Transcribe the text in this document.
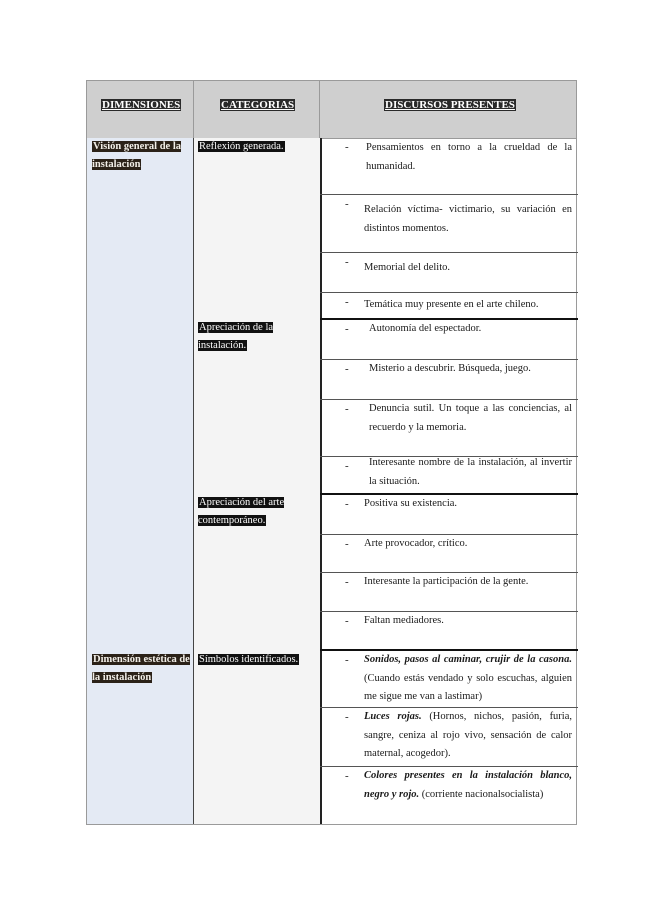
DIMENSIONES	CATEGORIAS	DISCURSOS PRESENTES
Visión general de la instalación
Dimensión estética de la instalación
Reflexión generada.
Apreciación de la instalación.
Apreciación del arte contemporáneo.
Símbolos identificados.
- Pensamientos en torno a la crueldad de la humanidad.
- Relación víctima- victimario, su variación en distintos momentos.
- Memorial del delito.
- Temática muy presente en el arte chileno.
- Autonomía del espectador.
- Misterio a descubrir. Búsqueda, juego.
- Denuncia sutil. Un toque a las conciencias, al recuerdo y la memoria.
- Interesante nombre de la instalación, al invertir la situación.
- Positiva su existencia.
- Arte provocador, crítico.
- Interesante la participación de la gente.
- Faltan mediadores.
- Sonidos, pasos al caminar, crujir de la casona. (Cuando estás vendado y solo escuchas, alguien me sigue me van a lastimar)
- Luces rojas. (Hornos, nichos, pasión, furia, sangre, ceniza al rojo vivo, sensación de calor maternal, acogedor).
- Colores presentes en la instalación blanco, negro y rojo. (corriente nacionalsocialista)
